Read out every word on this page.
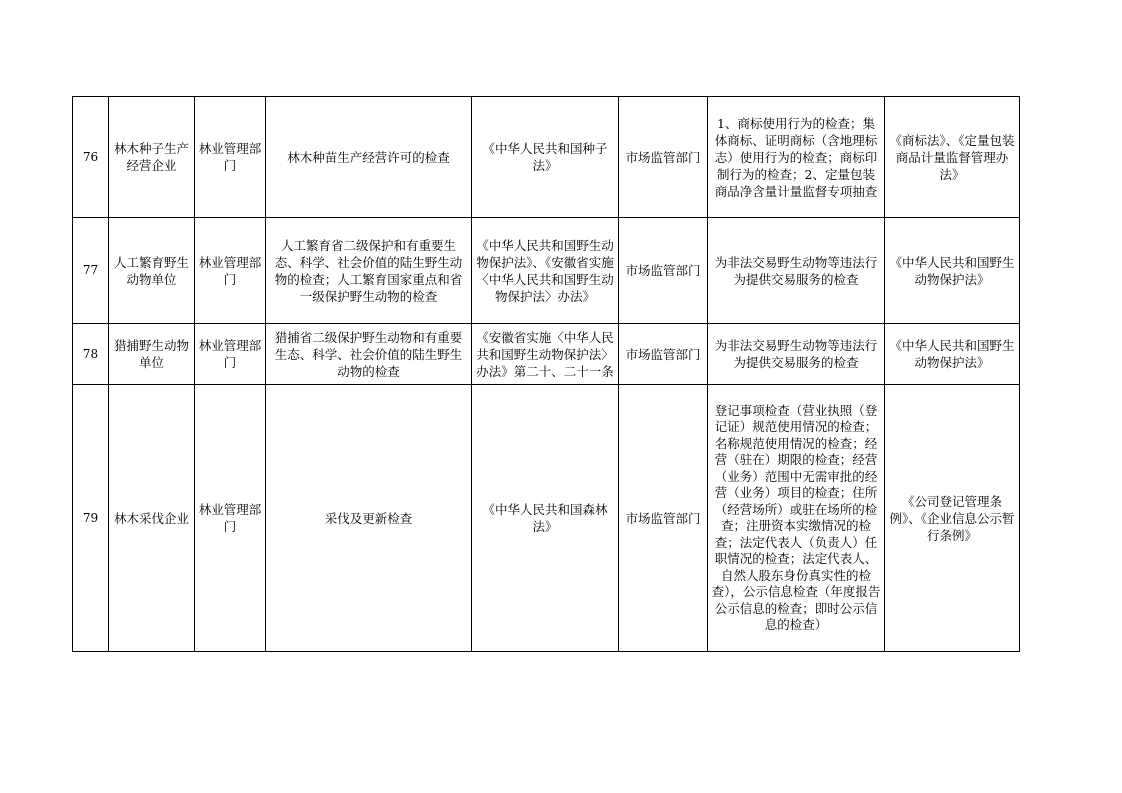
76	林木种子生产经营企业	林业管理部门	林木种苗生产经营许可的检查	《中华人民共和国种子法》	市场监管部门	1、商标使用行为的检查；集体商标、证明商标（含地理标志）使用行为的检查；商标印制行为的检查；2、定量包装商品净含量计量监督专项抽查	《商标法》、《定量包装商品计量监督管理办法》
77	人工繁育野生动物单位	林业管理部门	人工繁育省二级保护和有重要生态、科学、社会价值的陆生野生动物的检查；人工繁育国家重点和省一级保护野生动物的检查	《中华人民共和国野生动物保护法》、《安徽省实施〈中华人民共和国野生动物保护法〉办法》	市场监管部门	为非法交易野生动物等违法行为提供交易服务的检查	《中华人民共和国野生动物保护法》
78	猎捕野生动物单位	林业管理部门	猎捕省二级保护野生动物和有重要生态、科学、社会价值的陆生野生动物的检查	《安徽省实施〈中华人民共和国野生动物保护法〉办法》第二十、二十一条	市场监管部门	为非法交易野生动物等违法行为提供交易服务的检查	《中华人民共和国野生动物保护法》
79	林木采伐企业	林业管理部门	采伐及更新检查	《中华人民共和国森林法》	市场监管部门	登记事项检查（营业执照（登记证）规范使用情况的检查；名称规范使用情况的检查；经营（驻在）期限的检查；经营（业务）范围中无需审批的经营（业务）项目的检查；住所（经营场所）或驻在场所的检查；注册资本实缴情况的检查；法定代表人（负责人）任职情况的检查；法定代表人、自然人股东身份真实性的检查），公示信息检查（年度报告公示信息的检查；即时公示信息的检查）	《公司登记管理条例》、《企业信息公示暂行条例》
